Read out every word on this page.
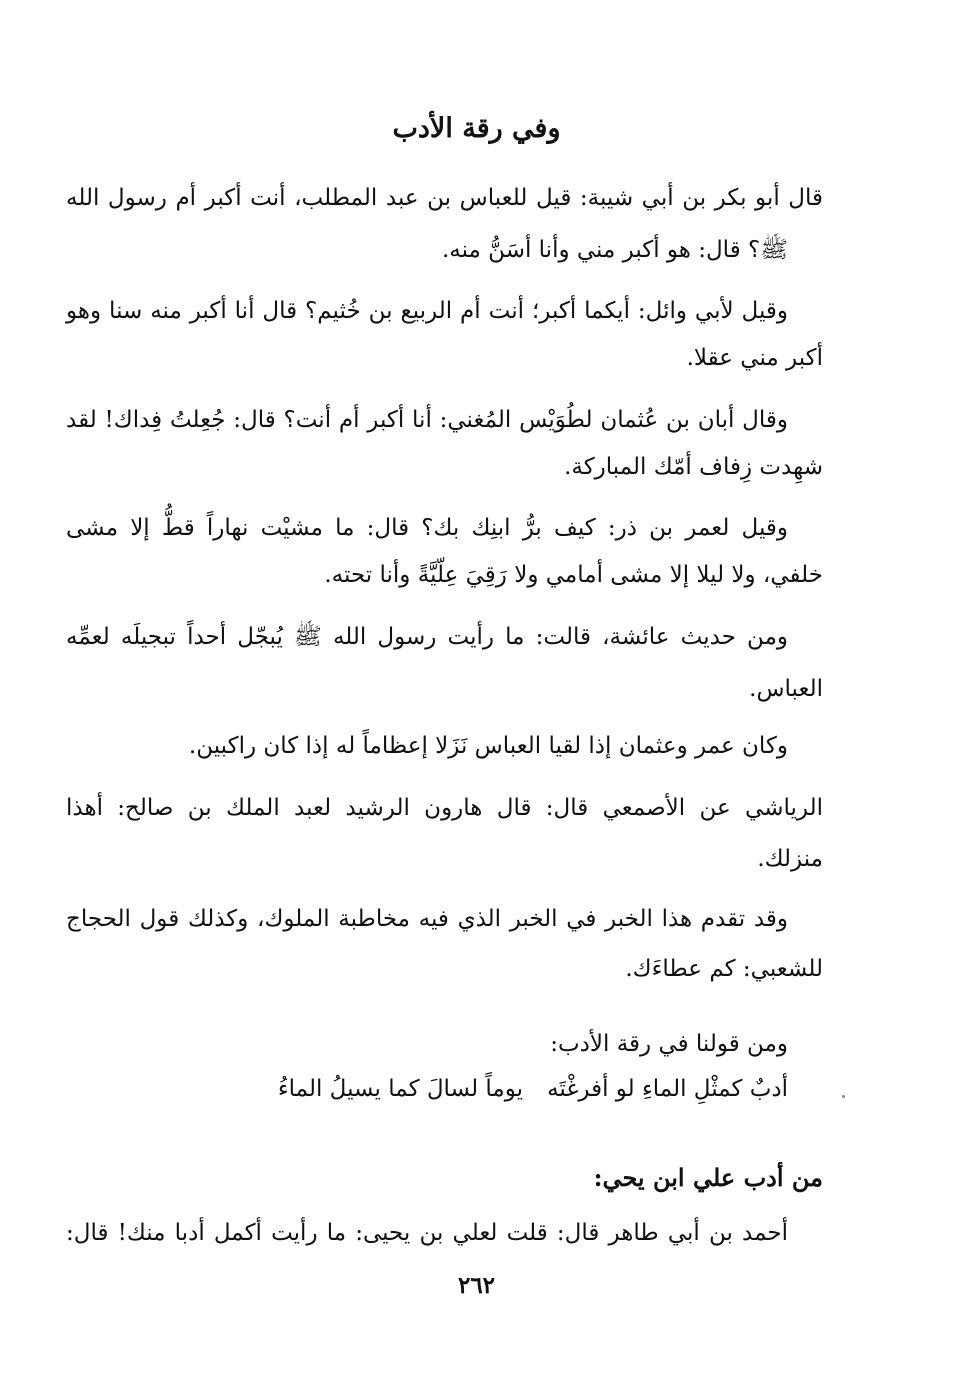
وفي رقة الأدب
قال أبو بكر بن أبي شيبة: قيل للعباس بن عبد المطلب، أنت أكبر أم رسول الله
ﷺ؟ قال: هو أكبر مني وأنا أسَنُّ منه.
وقيل لأبي وائل: أيكما أكبر؛ أنت أم الربيع بن خُثيم؟ قال أنا أكبر منه سنا وهو
أكبر مني عقلا.
وقال أبان بن عُثمان لطُوَيْس المُغني: أنا أكبر أم أنت؟ قال: جُعِلتُ فِداك! لقد
شهِدت زِفاف أمّك المباركة.
وقيل لعمر بن ذر: كيف برُّ ابنِك بك؟ قال: ما مشيْت نهاراً قطُّ إلا مشى
خلفي، ولا ليلا إلا مشى أمامي ولا رَقِيَ عِلّيَّةً وأنا تحته.
ومن حديث عائشة، قالت: ما رأيت رسول الله ﷺ يُبجّل أحداً تبجيلَه لعمِّه
العباس.
وكان عمر وعثمان إذا لقيا العباس نَزَلا إعظاماً له إذا كان راكبين.
الرياشي عن الأصمعي قال: قال هارون الرشيد لعبد الملك بن صالح: أهذا
منزلك.
وقد تقدم هذا الخبر في الخبر الذي فيه مخاطبة الملوك، وكذلك قول الحجاج
للشعبي: كم عطاءَك.
ومن قولنا في رقة الأدب:
أدبٌ كمثْلِ الماءِ لو أفرغْتَه
يوماً لسالَ كما يسيلُ الماءُ
من أدب علي ابن يحي:
أحمد بن أبي طاهر قال: قلت لعلي بن يحيى: ما رأيت أكمل أدبا منك! قال:
٢٦٢
